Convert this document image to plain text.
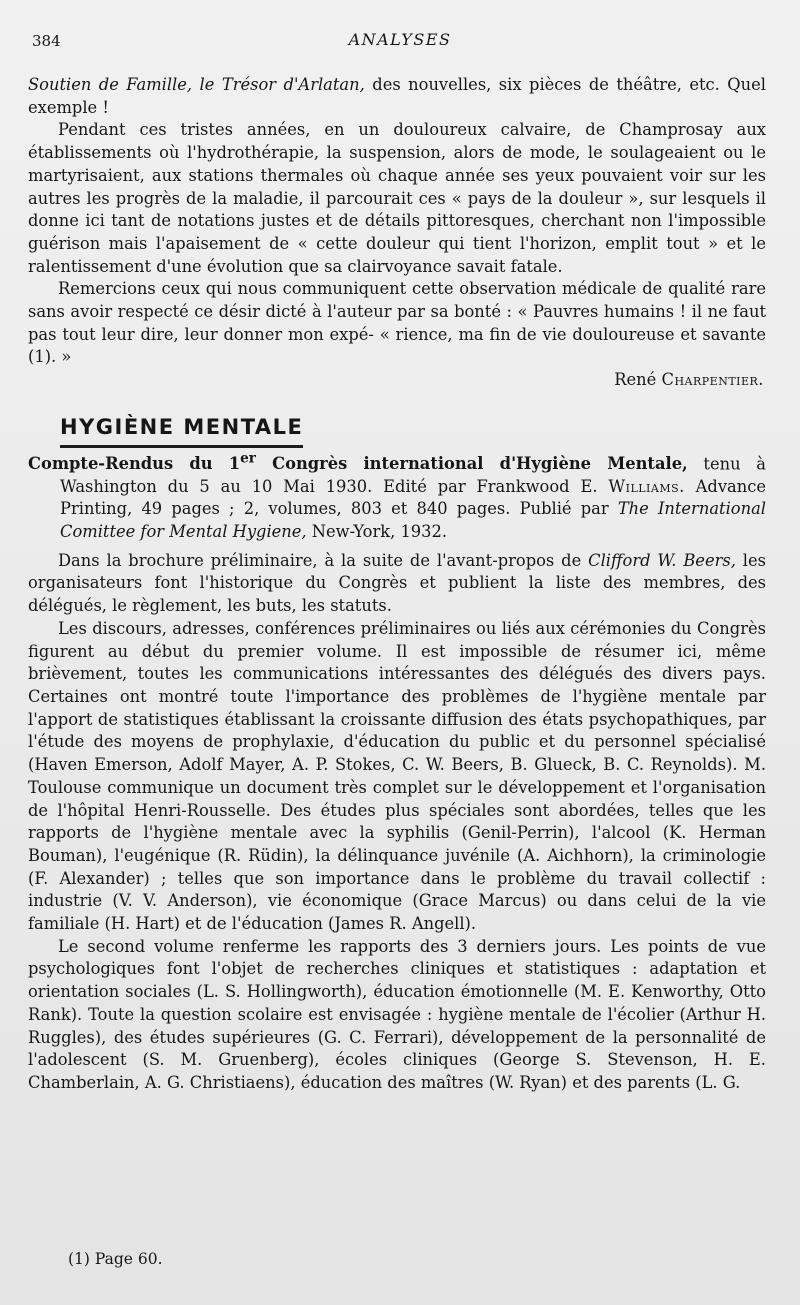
384	ANALYSES

Soutien de Famille, le Trésor d'Arlatan, des nouvelles, six pièces de théâtre, etc. Quel exemple !

Pendant ces tristes années, en un douloureux calvaire, de Champrosay aux établissements où l'hydrothérapie, la suspension, alors de mode, le soulageaient ou le martyrisaient, aux stations thermales où chaque année ses yeux pouvaient voir sur les autres les progrès de la maladie, il parcourait ces « pays de la douleur », sur lesquels il donne ici tant de notations justes et de détails pittoresques, cherchant non l'impossible guérison mais l'apaisement de « cette douleur qui tient l'horizon, emplit tout » et le ralentissement d'une évolution que sa clairvoyance savait fatale.

Remercions ceux qui nous communiquent cette observation médicale de qualité rare sans avoir respecté ce désir dicté à l'auteur par sa bonté : « Pauvres humains ! il ne faut pas tout leur dire, leur donner mon expé- « rience, ma fin de vie douloureuse et savante (1). »

René Charpentier.

HYGIÈNE MENTALE

Compte-Rendus du 1er Congrès international d'Hygiène Mentale, tenu à Washington du 5 au 10 Mai 1930. Edité par Frankwood E. Williams. Advance Printing, 49 pages ; 2, volumes, 803 et 840 pages. Publié par The International Comittee for Mental Hygiene, New-York, 1932.

Dans la brochure préliminaire, à la suite de l'avant-propos de Clifford W. Beers, les organisateurs font l'historique du Congrès et publient la liste des membres, des délégués, le règlement, les buts, les statuts.

Les discours, adresses, conférences préliminaires ou liés aux cérémonies du Congrès figurent au début du premier volume. Il est impossible de résumer ici, même brièvement, toutes les communications intéressantes des délégués des divers pays. Certaines ont montré toute l'importance des problèmes de l'hygiène mentale par l'apport de statistiques établissant la croissante diffusion des états psychopathiques, par l'étude des moyens de prophylaxie, d'éducation du public et du personnel spécialisé (Haven Emerson, Adolf Mayer, A. P. Stokes, C. W. Beers, B. Glueck, B. C. Reynolds). M. Toulouse communique un document très complet sur le développement et l'organisation de l'hôpital Henri-Rousselle. Des études plus spéciales sont abordées, telles que les rapports de l'hygiène mentale avec la syphilis (Genil-Perrin), l'alcool (K. Herman Bouman), l'eugénique (R. Rüdin), la délinquance juvénile (A. Aichhorn), la criminologie (F. Alexander) ; telles que son importance dans le problème du travail collectif : industrie (V. V. Anderson), vie économique (Grace Marcus) ou dans celui de la vie familiale (H. Hart) et de l'éducation (James R. Angell).

Le second volume renferme les rapports des 3 derniers jours. Les points de vue psychologiques font l'objet de recherches cliniques et statistiques : adaptation et orientation sociales (L. S. Hollingworth), éducation émotionnelle (M. E. Kenworthy, Otto Rank). Toute la question scolaire est envisagée : hygiène mentale de l'écolier (Arthur H. Ruggles), des études supérieures (G. C. Ferrari), développement de la personnalité de l'adolescent (S. M. Gruenberg), écoles cliniques (George S. Stevenson, H. E. Chamberlain, A. G. Christiaens), éducation des maîtres (W. Ryan) et des parents (L. G.

(1) Page 60.
